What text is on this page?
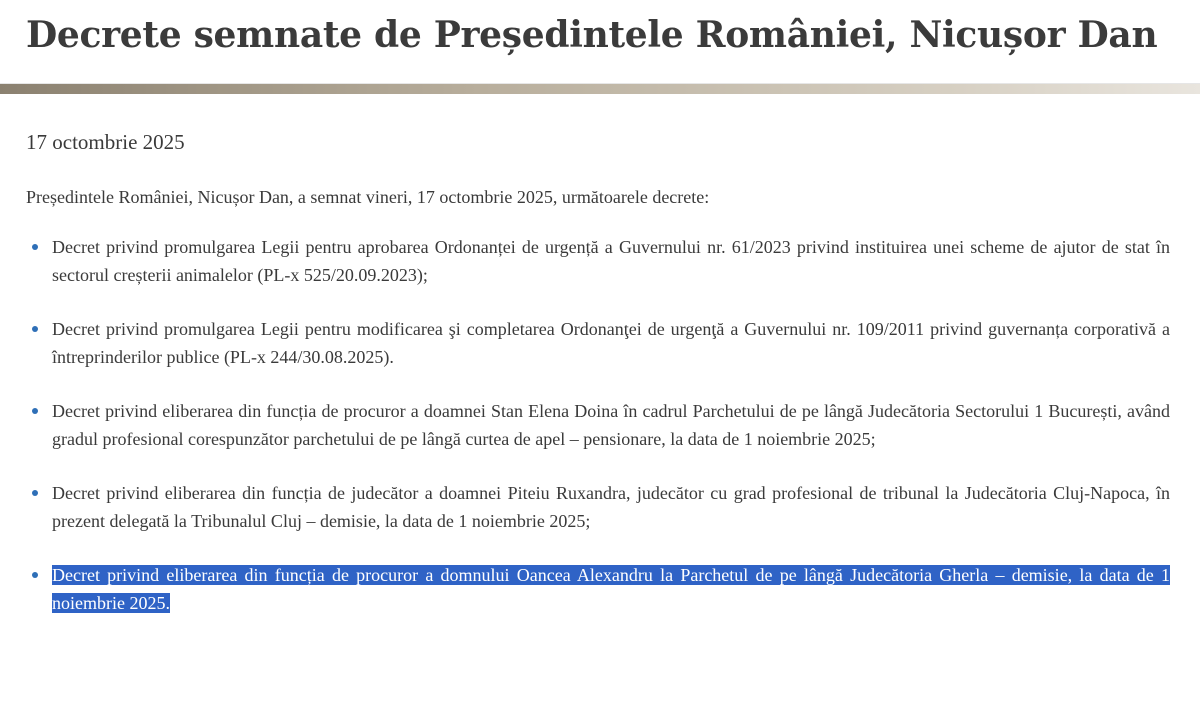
Decrete semnate de Președintele României, Nicușor Dan
17 octombrie 2025

Președintele României, Nicușor Dan, a semnat vineri, 17 octombrie 2025, următoarele decrete:

Decret privind promulgarea Legii pentru aprobarea Ordonanței de urgență a Guvernului nr. 61/2023 privind instituirea unei scheme de ajutor de stat în sectorul creșterii animalelor (PL-x 525/20.09.2023);
Decret privind promulgarea Legii pentru modificarea şi completarea Ordonanţei de urgenţă a Guvernului nr. 109/2011 privind guvernanța corporativă a întreprinderilor publice (PL-x 244/30.08.2025).
Decret privind eliberarea din funcția de procuror a doamnei Stan Elena Doina în cadrul Parchetului de pe lângă Judecătoria Sectorului 1 București, având gradul profesional corespunzător parchetului de pe lângă curtea de apel – pensionare, la data de 1 noiembrie 2025;
Decret privind eliberarea din funcția de judecător a doamnei Piteiu Ruxandra, judecător cu grad profesional de tribunal la Judecătoria Cluj-Napoca, în prezent delegată la Tribunalul Cluj – demisie, la data de 1 noiembrie 2025;
Decret privind eliberarea din funcția de procuror a domnului Oancea Alexandru la Parchetul de pe lângă Judecătoria Gherla – demisie, la data de 1 noiembrie 2025.
